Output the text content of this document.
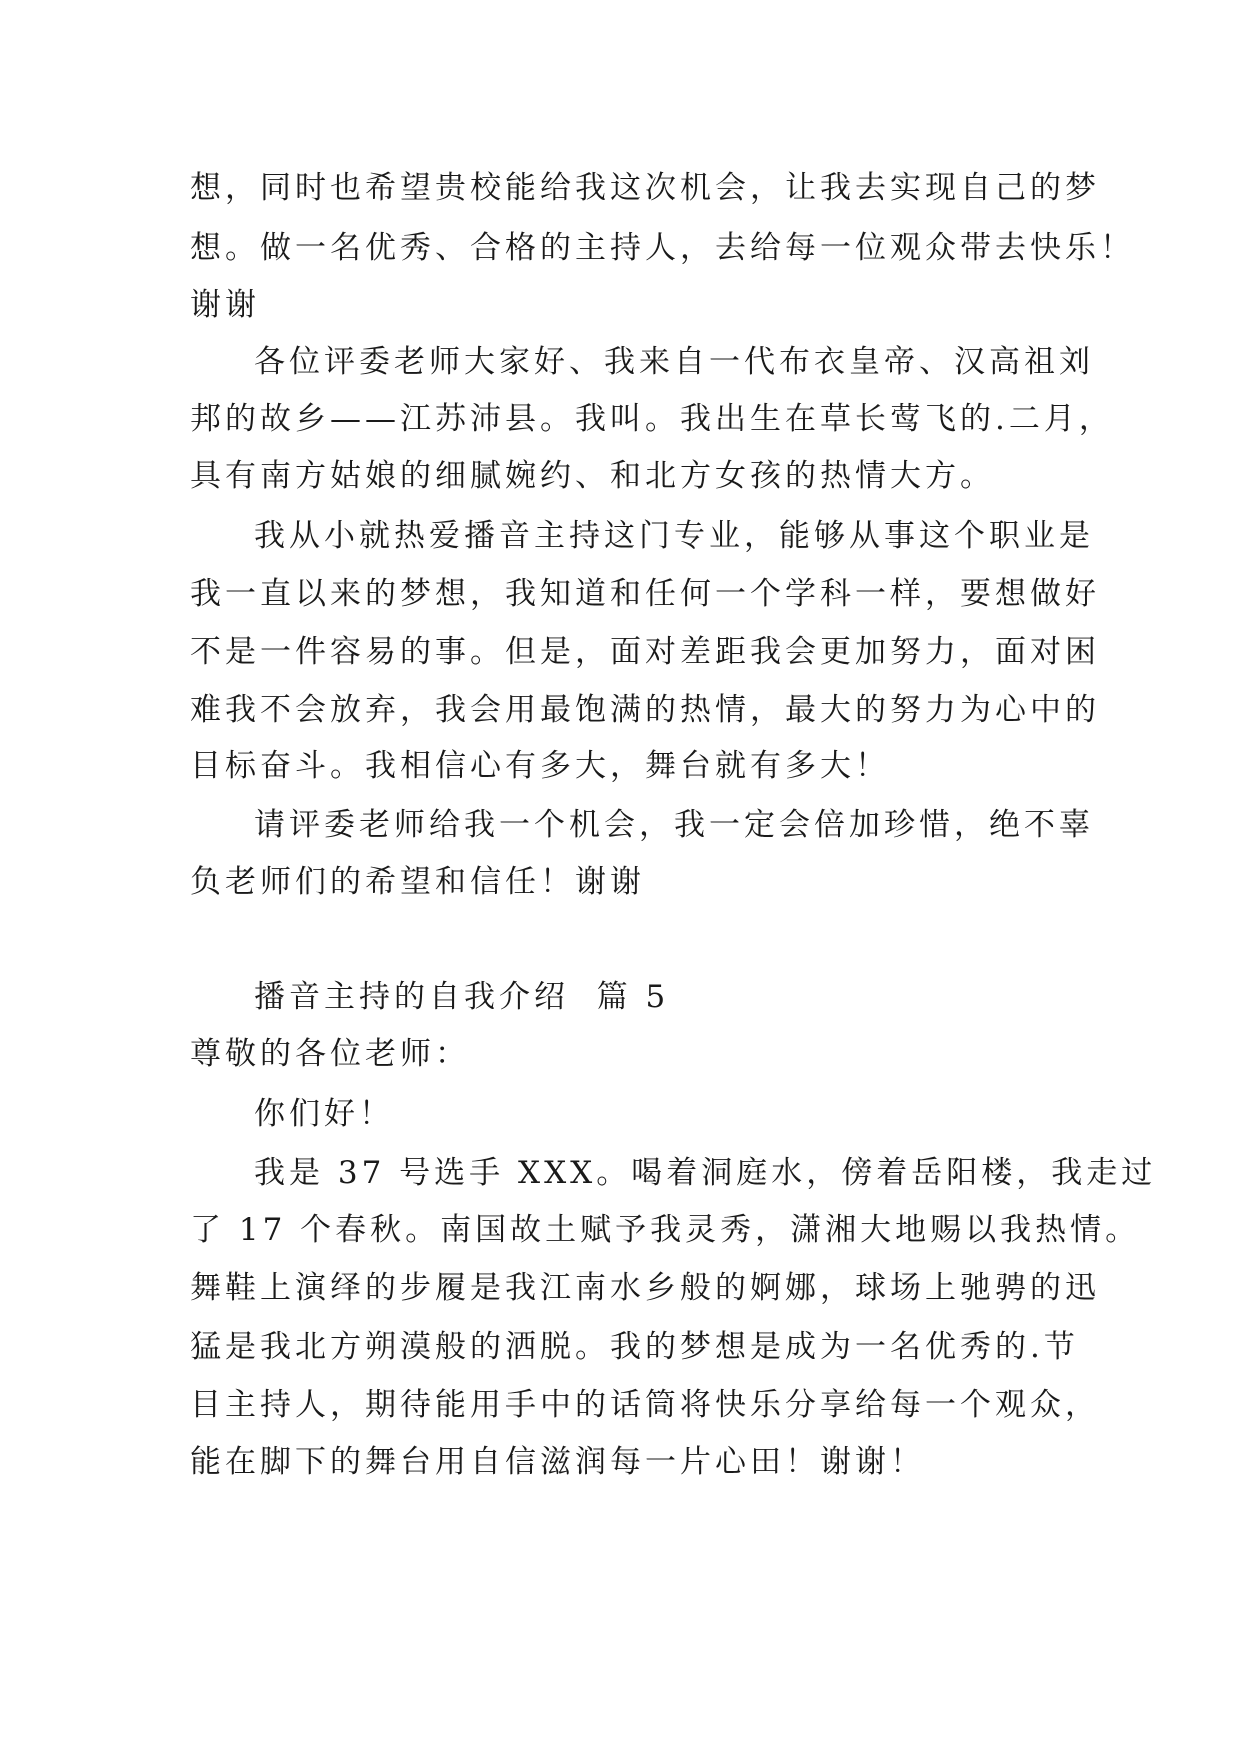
想，同时也希望贵校能给我这次机会，让我去实现自己的梦
想。做一名优秀、合格的主持人，去给每一位观众带去快乐！
谢谢
各位评委老师大家好、我来自一代布衣皇帝、汉高祖刘
邦的故乡——江苏沛县。我叫。我出生在草长莺飞的.二月，
具有南方姑娘的细腻婉约、和北方女孩的热情大方。
我从小就热爱播音主持这门专业，能够从事这个职业是
我一直以来的梦想，我知道和任何一个学科一样，要想做好
不是一件容易的事。但是，面对差距我会更加努力，面对困
难我不会放弃，我会用最饱满的热情，最大的努力为心中的
目标奋斗。我相信心有多大，舞台就有多大！
请评委老师给我一个机会，我一定会倍加珍惜，绝不辜
负老师们的希望和信任！谢谢
播音主持的自我介绍  篇 5
尊敬的各位老师：
你们好！
我是 37 号选手 XXX。喝着洞庭水，傍着岳阳楼，我走过
了 17 个春秋。南国故土赋予我灵秀，潇湘大地赐以我热情。
舞鞋上演绎的步履是我江南水乡般的婀娜，球场上驰骋的迅
猛是我北方朔漠般的洒脱。我的梦想是成为一名优秀的.节
目主持人，期待能用手中的话筒将快乐分享给每一个观众，
能在脚下的舞台用自信滋润每一片心田！谢谢！
